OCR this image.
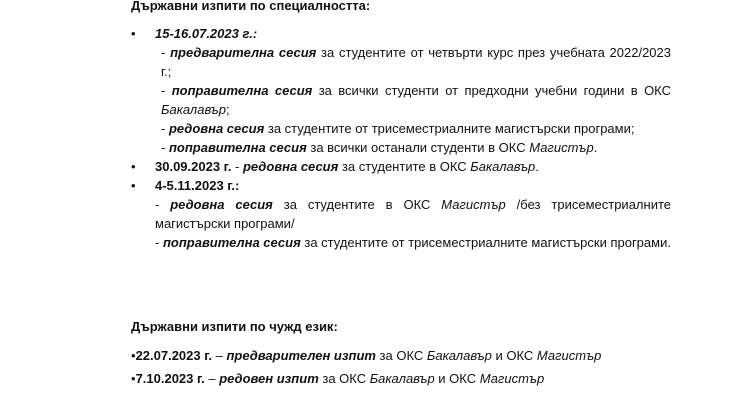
Държавни изпити по специалността:
•	15-16.07.2023 г.:
- предварителна сесия за студентите от четвърти курс през учебната 2022/2023 г.;
- поправителна сесия за всички студенти от предходни учебни години в ОКС Бакалавър;
- редовна сесия за студентите от трисеместриалните магистърски програми;
- поправителна сесия за всички останали студенти в ОКС Магистър.
•	30.09.2023 г. - редовна сесия за студентите в ОКС Бакалавър.
•	4-5.11.2023 г.:
- редовна сесия за студентите в ОКС Магистър /без трисеместриалните магистърски програми/
- поправителна сесия за студентите от трисеместриалните магистърски програми.
Държавни изпити по чужд език:
•22.07.2023 г. – предварителен изпит за ОКС Бакалавър и ОКС Магистър
•7.10.2023 г. – редовен изпит за ОКС Бакалавър и ОКС Магистър
